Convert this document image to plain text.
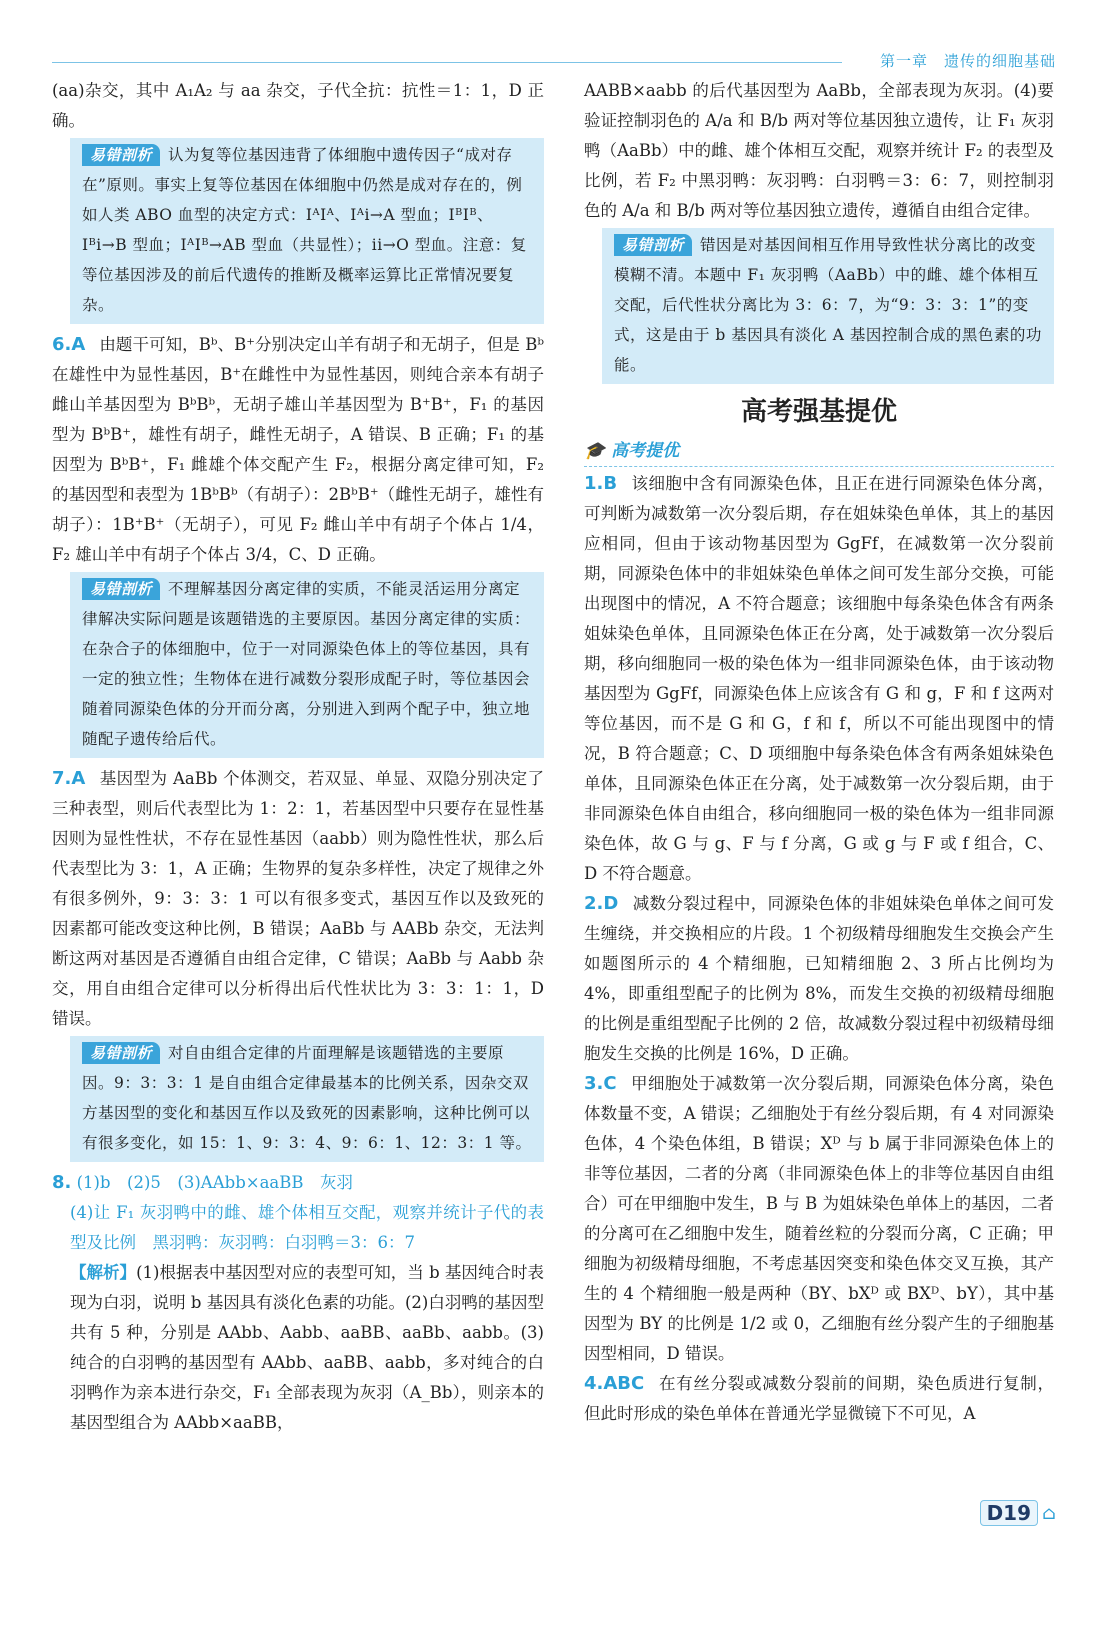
第一章　遗传的细胞基础

(aa)杂交，其中 A₁A₂ 与 aa 杂交，子代全抗：抗性＝1：1，D 正确。

易错剖析 认为复等位基因违背了体细胞中遗传因子“成对存在”原则。事实上复等位基因在体细胞中仍然是成对存在的，例如人类 ABO 血型的决定方式：IᴬIᴬ、Iᴬi→A 型血；IᴮIᴮ、Iᴮi→B 型血；IᴬIᴮ→AB 型血（共显性）；ii→O 型血。注意：复等位基因涉及的前后代遗传的推断及概率运算比正常情况要复杂。

6.A 由题干可知，Bᵇ、B⁺分别决定山羊有胡子和无胡子，但是 Bᵇ 在雄性中为显性基因，B⁺在雌性中为显性基因，则纯合亲本有胡子雌山羊基因型为 BᵇBᵇ，无胡子雄山羊基因型为 B⁺B⁺，F₁ 的基因型为 BᵇB⁺，雄性有胡子，雌性无胡子，A 错误、B 正确；F₁ 的基因型为 BᵇB⁺，F₁ 雌雄个体交配产生 F₂，根据分离定律可知，F₂ 的基因型和表型为 1BᵇBᵇ（有胡子）：2BᵇB⁺（雌性无胡子，雄性有胡子）：1B⁺B⁺（无胡子），可见 F₂ 雌山羊中有胡子个体占 1/4，F₂ 雄山羊中有胡子个体占 3/4，C、D 正确。

易错剖析 不理解基因分离定律的实质，不能灵活运用分离定律解决实际问题是该题错选的主要原因。基因分离定律的实质：在杂合子的体细胞中，位于一对同源染色体上的等位基因，具有一定的独立性；生物体在进行减数分裂形成配子时，等位基因会随着同源染色体的分开而分离，分别进入到两个配子中，独立地随配子遗传给后代。

7.A 基因型为 AaBb 个体测交，若双显、单显、双隐分别决定了三种表型，则后代表型比为 1：2：1，若基因型中只要存在显性基因则为显性性状，不存在显性基因（aabb）则为隐性性状，那么后代表型比为 3：1，A 正确；生物界的复杂多样性，决定了规律之外有很多例外，9：3：3：1 可以有很多变式，基因互作以及致死的因素都可能改变这种比例，B 错误；AaBb 与 AABb 杂交，无法判断这两对基因是否遵循自由组合定律，C 错误；AaBb 与 Aabb 杂交，用自由组合定律可以分析得出后代性状比为 3：3：1：1，D 错误。

易错剖析 对自由组合定律的片面理解是该题错选的主要原因。9：3：3：1 是自由组合定律最基本的比例关系，因杂交双方基因型的变化和基因互作以及致死的因素影响，这种比例可以有很多变化，如 15：1、9：3：4、9：6：1、12：3：1 等。

8. (1)b　(2)5　(3)AAbb×aaBB　灰羽

(4)让 F₁ 灰羽鸭中的雌、雄个体相互交配，观察并统计子代的表型及比例　黑羽鸭：灰羽鸭：白羽鸭＝3：6：7

【解析】(1)根据表中基因型对应的表型可知，当 b 基因纯合时表现为白羽，说明 b 基因具有淡化色素的功能。(2)白羽鸭的基因型共有 5 种，分别是 AAbb、Aabb、aaBB、aaBb、aabb。(3)纯合的白羽鸭的基因型有 AAbb、aaBB、aabb，多对纯合的白羽鸭作为亲本进行杂交，F₁ 全部表现为灰羽（A_Bb），则亲本的基因型组合为 AAbb×aaBB，

AABB×aabb 的后代基因型为 AaBb，全部表现为灰羽。(4)要验证控制羽色的 A/a 和 B/b 两对等位基因独立遗传，让 F₁ 灰羽鸭（AaBb）中的雌、雄个体相互交配，观察并统计 F₂ 的表型及比例，若 F₂ 中黑羽鸭：灰羽鸭：白羽鸭＝3：6：7，则控制羽色的 A/a 和 B/b 两对等位基因独立遗传，遵循自由组合定律。

易错剖析 错因是对基因间相互作用导致性状分离比的改变模糊不清。本题中 F₁ 灰羽鸭（AaBb）中的雌、雄个体相互交配，后代性状分离比为 3：6：7，为“9：3：3：1”的变式，这是由于 b 基因具有淡化 A 基因控制合成的黑色素的功能。
高考强基提优
🎓 高考提优

1.B 该细胞中含有同源染色体，且正在进行同源染色体分离，可判断为减数第一次分裂后期，存在姐妹染色单体，其上的基因应相同，但由于该动物基因型为 GgFf，在减数第一次分裂前期，同源染色体中的非姐妹染色单体之间可发生部分交换，可能出现图中的情况，A 不符合题意；该细胞中每条染色体含有两条姐妹染色单体，且同源染色体正在分离，处于减数第一次分裂后期，移向细胞同一极的染色体为一组非同源染色体，由于该动物基因型为 GgFf，同源染色体上应该含有 G 和 g，F 和 f 这两对等位基因，而不是 G 和 G，f 和 f，所以不可能出现图中的情况，B 符合题意；C、D 项细胞中每条染色体含有两条姐妹染色单体，且同源染色体正在分离，处于减数第一次分裂后期，由于非同源染色体自由组合，移向细胞同一极的染色体为一组非同源染色体，故 G 与 g、F 与 f 分离，G 或 g 与 F 或 f 组合，C、D 不符合题意。

2.D 减数分裂过程中，同源染色体的非姐妹染色单体之间可发生缠绕，并交换相应的片段。1 个初级精母细胞发生交换会产生如题图所示的 4 个精细胞，已知精细胞 2、3 所占比例均为 4%，即重组型配子的比例为 8%，而发生交换的初级精母细胞的比例是重组型配子比例的 2 倍，故减数分裂过程中初级精母细胞发生交换的比例是 16%，D 正确。

3.C 甲细胞处于减数第一次分裂后期，同源染色体分离，染色体数量不变，A 错误；乙细胞处于有丝分裂后期，有 4 对同源染色体，4 个染色体组，B 错误；Xᴰ 与 b 属于非同源染色体上的非等位基因，二者的分离（非同源染色体上的非等位基因自由组合）可在甲细胞中发生，B 与 B 为姐妹染色单体上的基因，二者的分离可在乙细胞中发生，随着丝粒的分裂而分离，C 正确；甲细胞为初级精母细胞，不考虑基因突变和染色体交叉互换，其产生的 4 个精细胞一般是两种（BY、bXᴰ 或 BXᴰ、bY），其中基因型为 BY 的比例是 1/2 或 0，乙细胞有丝分裂产生的子细胞基因型相同，D 错误。

4.ABC 在有丝分裂或减数分裂前的间期，染色质进行复制，但此时形成的染色单体在普通光学显微镜下不可见，A

D19 ⌂
